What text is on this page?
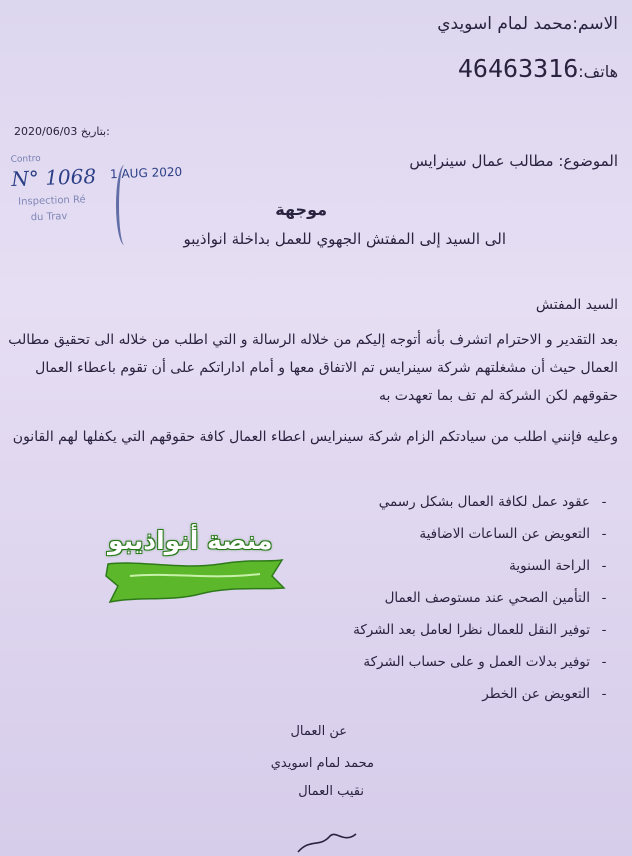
الاسم:محمد لمام اسويدي
هاتف:46463316
2020/06/03 بتاريخ:
Contro
N° 1068
Inspection Ré
du Trav
1 AUG 2020
الموضوع: مطالب عمال سينرايس
موجهة
الى السيد إلى المفتش الجهوي للعمل بداخلة انواذيبو
السيد المفتش
بعد التقدير و الاحترام اتشرف بأنه أتوجه إليكم من خلاله الرسالة و التي اطلب من خلاله الى تحقيق مطالب العمال حيث أن مشغلتهم شركة سينرايس تم الاتفاق معها و أمام اداراتكم على أن تقوم باعطاء العمال حقوقهم لكن الشركة لم تف بما تعهدت به
وعليه فإنني اطلب من سيادتكم الزام شركة سينرايس اعطاء العمال كافة حقوقهم التي يكفلها لهم القانون
-عقود عمل لكافة العمال بشكل رسمي
-التعويض عن الساعات الاضافية
-الراحة السنوية
-التأمين الصحي عند مستوصف العمال
-توفير النقل للعمال نظرا لعامل بعد الشركة
-توفير بدلات العمل و على حساب الشركة
-التعويض عن الخطر
عن العمال
محمد لمام اسويدي
نقيب العمال
منصة أنواذيبو
